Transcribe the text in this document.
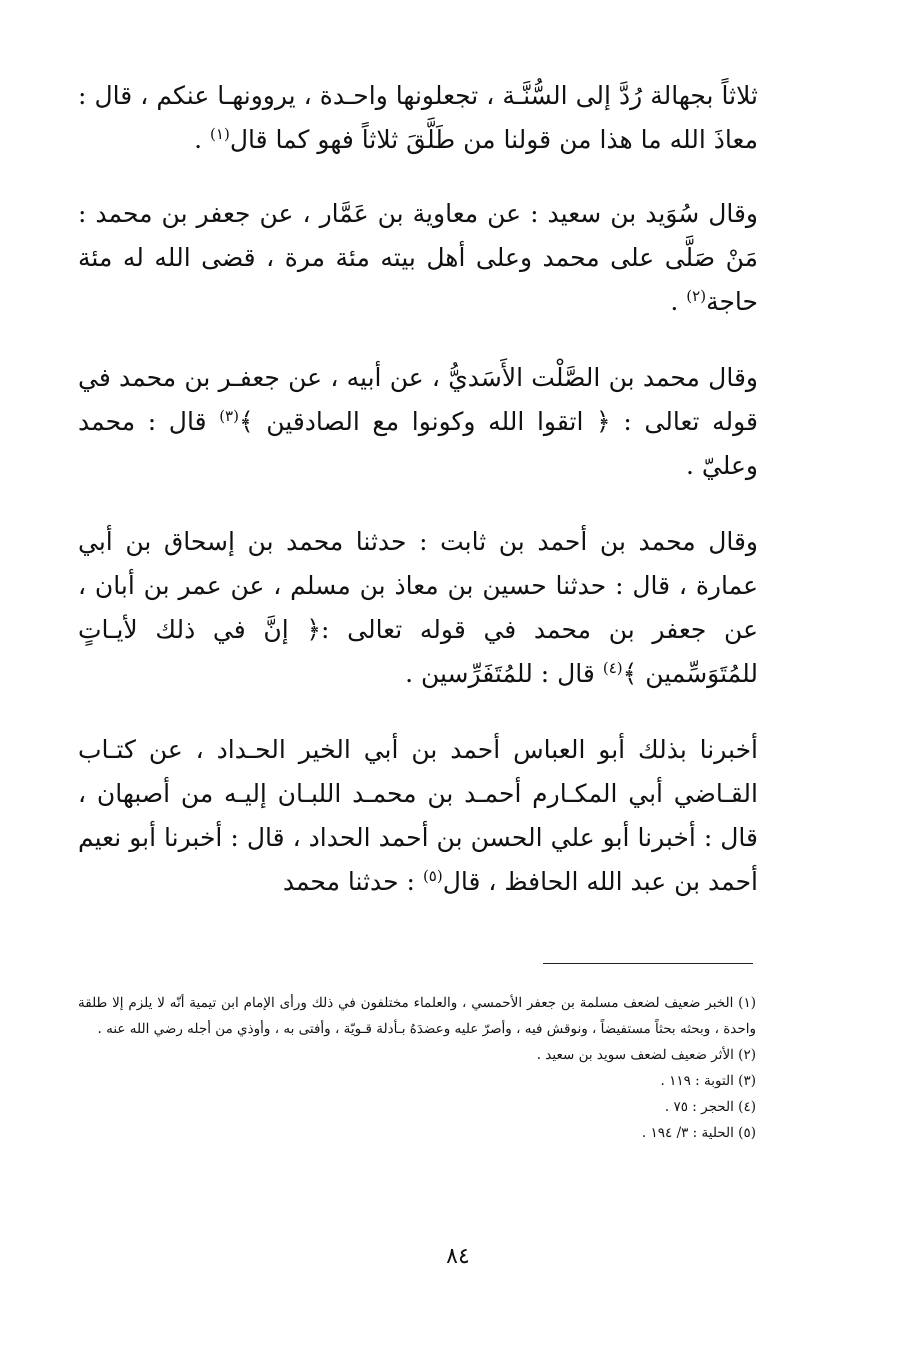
ثلاثاً بجهالة رُدَّ إلى السُّنَّـة ، تجعلونها واحـدة ، يروونهـا عنكم ، قال : معاذَ الله ما هذا من قولنا من طَلَّقَ ثلاثاً فهو كما قال$^{(١)}$ .

وقال سُوَيد بن سعيد : عن معاوية بن عَمَّار ، عن جعفر بن محمد : مَنْ صَلَّى على محمد وعلى أهل بيته مئة مرة ، قضى الله له مئة حاجة$^{(٢)}$ .

وقال محمد بن الصَّلْت الأَسَديُّ ، عن أبيه ، عن جعفـر بن محمد في قوله تعالى : ﴿ اتقوا الله وكونوا مع الصادقين ﴾$^{(٣)}$ قال : محمد وعليّ .

وقال محمد بن أحمد بن ثابت : حدثنا محمد بن إسحاق بن أبي عمارة ، قال : حدثنا حسين بن معاذ بن مسلم ، عن عمر بن أبان ، عن جعفر بن محمد في قوله تعالى :﴿ إنَّ في ذلك لأيـاتٍ للمُتَوَسِّمين ﴾$^{(٤)}$ قال : للمُتَفَرِّسين .

أخبرنا بذلك أبو العباس أحمد بن أبي الخير الحـداد ، عن كتـاب القـاضي أبي المكـارم أحمـد بن محمـد اللبـان إليـه من أصبهان ، قال : أخبرنا أبو علي الحسن بن أحمد الحداد ، قال : أخبرنا أبو نعيم أحمد بن عبد الله الحافظ ، قال$^{(٥)}$ : حدثنا محمد

(١) الخبر ضعيف لضعف مسلمة بن جعفر الأحمسي ، والعلماء مختلفون في ذلك ورأى الإمام ابن تيمية أنّه لا يلزم إلا طلقة واحدة ، وبحثه بحثاً مستفيضاً ، ونوقش فيه ، وأصرّ عليه وعضدَهُ بـأدلة قـويّة ، وأفتى به ، وأوذي من أجله رضي الله عنه .

(٢) الأثر ضعيف لضعف سويد بن سعيد .

(٣) التوبة : ١١٩ .

(٤) الحجر : ٧٥ .

(٥) الحلية : ٣/ ١٩٤ .

٨٤
